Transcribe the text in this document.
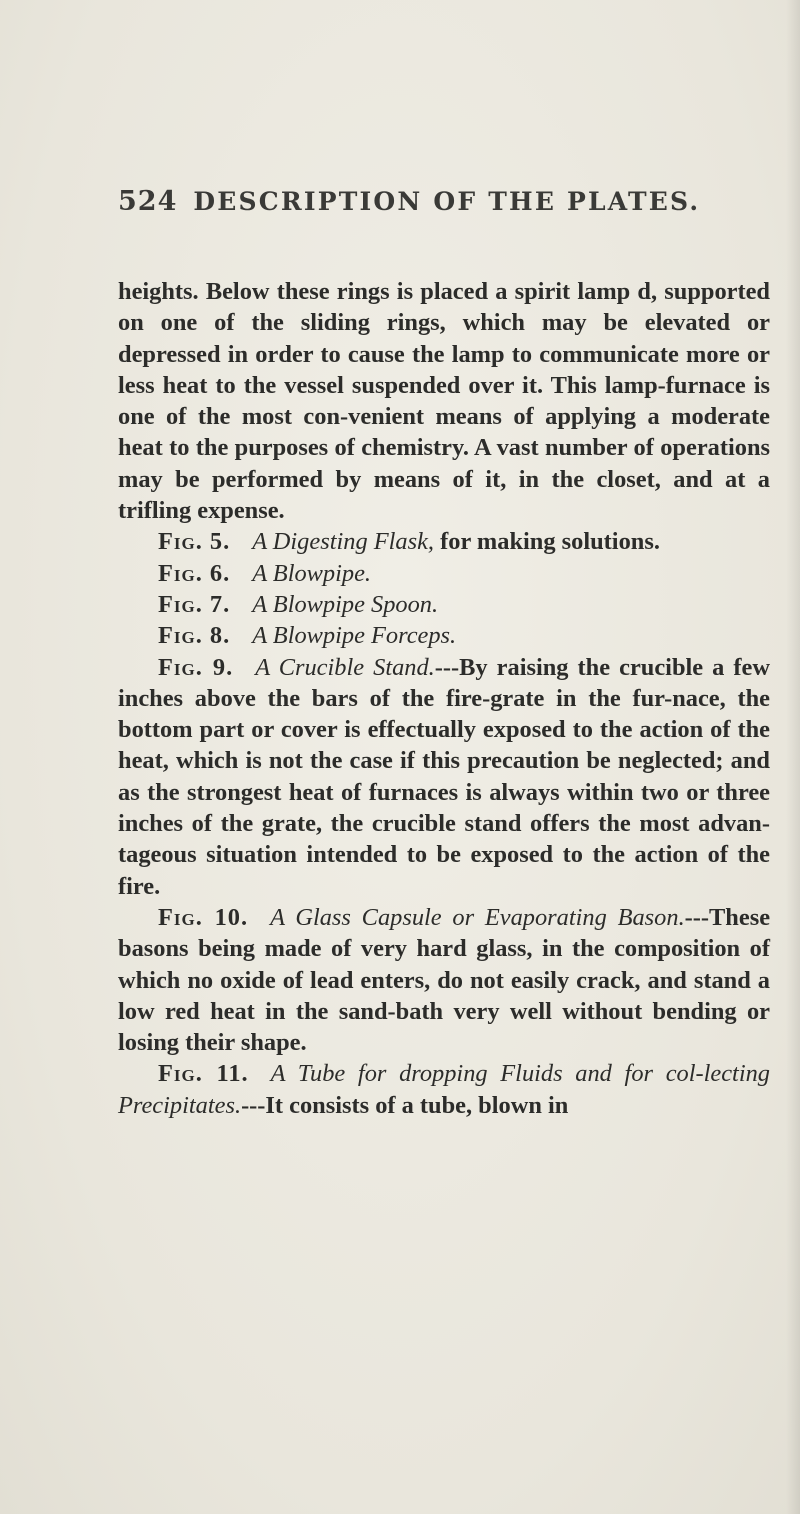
524 DESCRIPTION OF THE PLATES.

heights. Below these rings is placed a spirit lamp d, supported on one of the sliding rings, which may be elevated or depressed in order to cause the lamp to communicate more or less heat to the vessel suspended over it. This lamp-furnace is one of the most con-venient means of applying a moderate heat to the purposes of chemistry. A vast number of operations may be performed by means of it, in the closet, and at a trifling expense.

Fig. 5. A Digesting Flask, for making solutions.

Fig. 6. A Blowpipe.

Fig. 7. A Blowpipe Spoon.

Fig. 8. A Blowpipe Forceps.

Fig. 9. A Crucible Stand.---By raising the crucible a few inches above the bars of the fire-grate in the fur-nace, the bottom part or cover is effectually exposed to the action of the heat, which is not the case if this precaution be neglected; and as the strongest heat of furnaces is always within two or three inches of the grate, the crucible stand offers the most advan-tageous situation intended to be exposed to the action of the fire.

Fig. 10. A Glass Capsule or Evaporating Bason.---These basons being made of very hard glass, in the composition of which no oxide of lead enters, do not easily crack, and stand a low red heat in the sand-bath very well without bending or losing their shape.

Fig. 11. A Tube for dropping Fluids and for col-lecting Precipitates.---It consists of a tube, blown in
